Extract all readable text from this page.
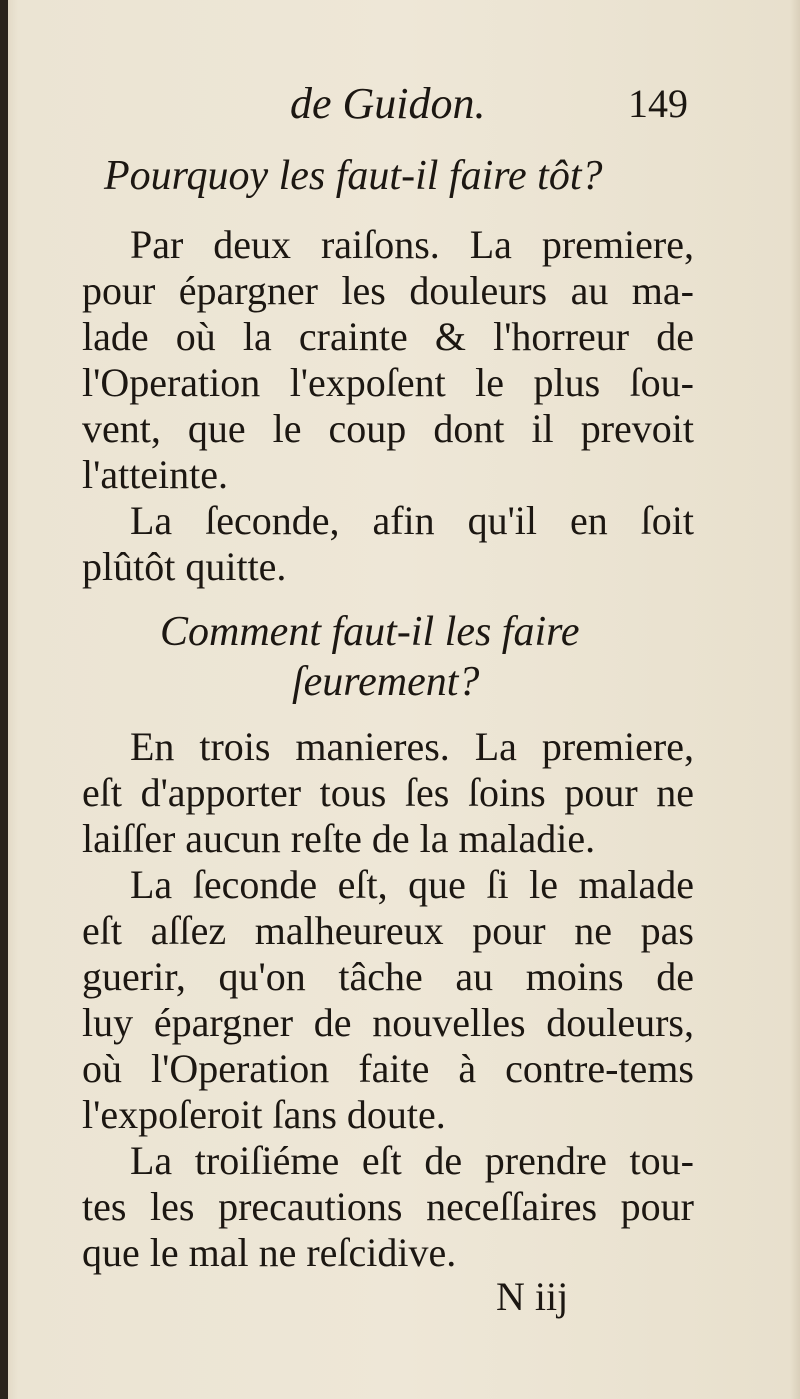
de Guidon.	149
Pourquoy les faut-il faire tôt?
Par deux raiſons. La premiere,
pour épargner les douleurs au ma-
lade où la crainte & l'horreur de
l'Operation l'expoſent le plus ſou-
vent, que le coup dont il prevoit
l'atteinte.
La ſeconde, afin qu'il en ſoit
plûtôt quitte.
Comment faut-il les faire
ſeurement?
En trois manieres. La premiere,
eſt d'apporter tous ſes ſoins pour ne
laiſſer aucun reſte de la maladie.
La ſeconde eſt, que ſi le malade
eſt aſſez malheureux pour ne pas
guerir, qu'on tâche au moins de
luy épargner de nouvelles douleurs,
où l'Operation faite à contre-tems
l'expoſeroit ſans doute.
La troiſiéme eſt de prendre tou-
tes les precautions neceſſaires pour
que le mal ne reſcidive.
N iij
